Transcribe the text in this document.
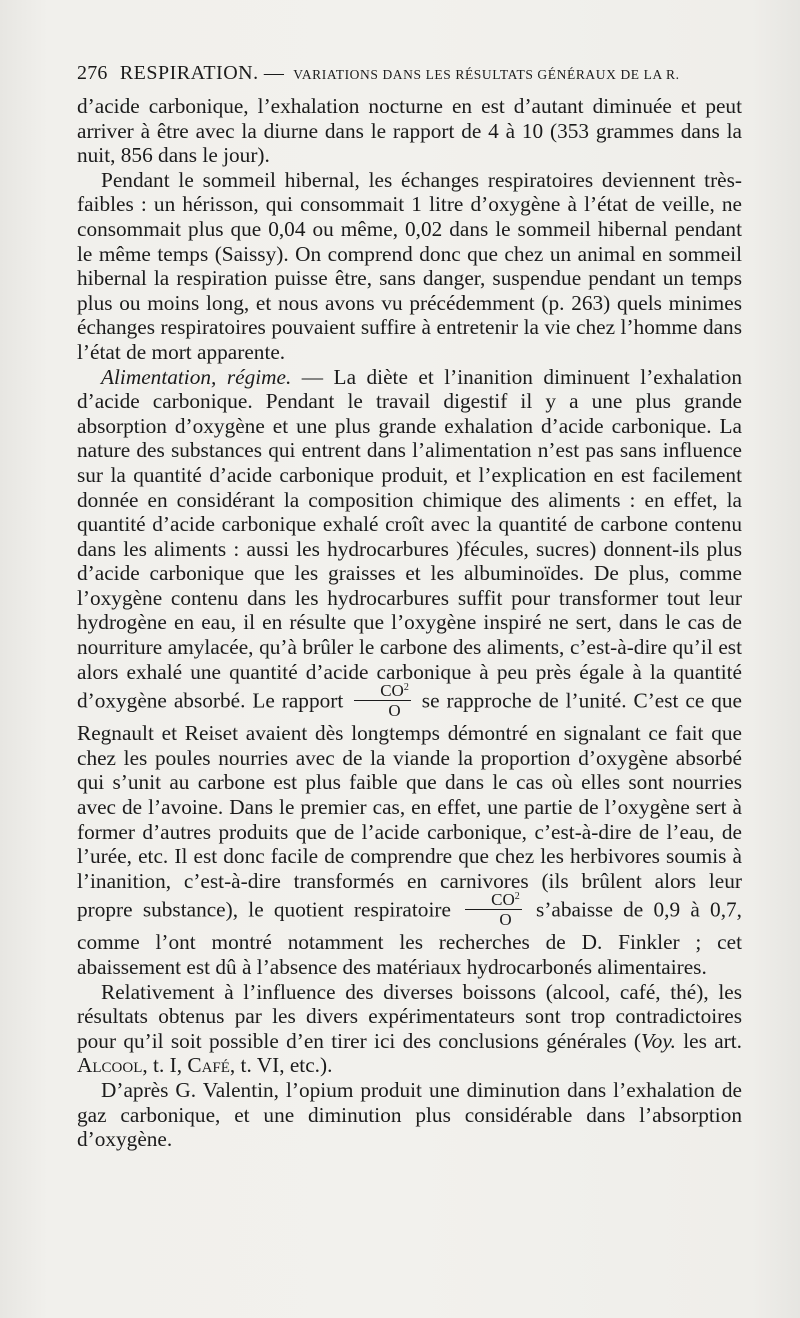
276 RESPIRATION. — VARIATIONS DANS LES RÉSULTATS GÉNÉRAUX DE LA R.

d’acide carbonique, l’exhalation nocturne en est d’autant diminuée et peut arriver à être avec la diurne dans le rapport de 4 à 10 (353 grammes dans la nuit, 856 dans le jour).

Pendant le sommeil hibernal, les échanges respiratoires deviennent très-faibles : un hérisson, qui consommait 1 litre d’oxygène à l’état de veille, ne consommait plus que 0,04 ou même, 0,02 dans le sommeil hibernal pendant le même temps (Saissy). On comprend donc que chez un animal en sommeil hibernal la respiration puisse être, sans danger, suspendue pendant un temps plus ou moins long, et nous avons vu précédemment (p. 263) quels minimes échanges respiratoires pouvaient suffire à entretenir la vie chez l’homme dans l’état de mort apparente.

Alimentation, régime. — La diète et l’inanition diminuent l’exhalation d’acide carbonique. Pendant le travail digestif il y a une plus grande absorption d’oxygène et une plus grande exhalation d’acide carbonique. La nature des substances qui entrent dans l’alimentation n’est pas sans influence sur la quantité d’acide carbonique produit, et l’explication en est facilement donnée en considérant la composition chimique des aliments : en effet, la quantité d’acide carbonique exhalé croît avec la quantité de carbone contenu dans les aliments : aussi les hydrocarbures )fécules, sucres) donnent-ils plus d’acide carbonique que les graisses et les albuminoïdes. De plus, comme l’oxygène contenu dans les hydrocarbures suffit pour transformer tout leur hydrogène en eau, il en résulte que l’oxygène inspiré ne sert, dans le cas de nourriture amylacée, qu’à brûler le carbone des aliments, c’est-à-dire qu’il est alors exhalé une quantité d’acide carbonique à peu près égale à la quantité d’oxygène absorbé. Le rapport $\frac{CO^2}{O}$ se rapproche de l’unité. C’est ce que Regnault et Reiset avaient dès longtemps démontré en signalant ce fait que chez les poules nourries avec de la viande la proportion d’oxygène absorbé qui s’unit au carbone est plus faible que dans le cas où elles sont nourries avec de l’avoine. Dans le premier cas, en effet, une partie de l’oxygène sert à former d’autres produits que de l’acide carbonique, c’est-à-dire de l’eau, de l’urée, etc. Il est donc facile de comprendre que chez les herbivores soumis à l’inanition, c’est-à-dire transformés en carnivores (ils brûlent alors leur propre substance), le quotient respiratoire $\frac{CO^2}{O}$ s’abaisse de 0,9 à 0,7, comme l’ont montré notamment les recherches de D. Finkler ; cet abaissement est dû à l’absence des matériaux hydrocarbonés alimentaires.

Relativement à l’influence des diverses boissons (alcool, café, thé), les résultats obtenus par les divers expérimentateurs sont trop contradictoires pour qu’il soit possible d’en tirer ici des conclusions générales (Voy. les art. Alcool, t. I, Café, t. VI, etc.).

D’après G. Valentin, l’opium produit une diminution dans l’exhalation de gaz carbonique, et une diminution plus considérable dans l’absorption d’oxygène.
